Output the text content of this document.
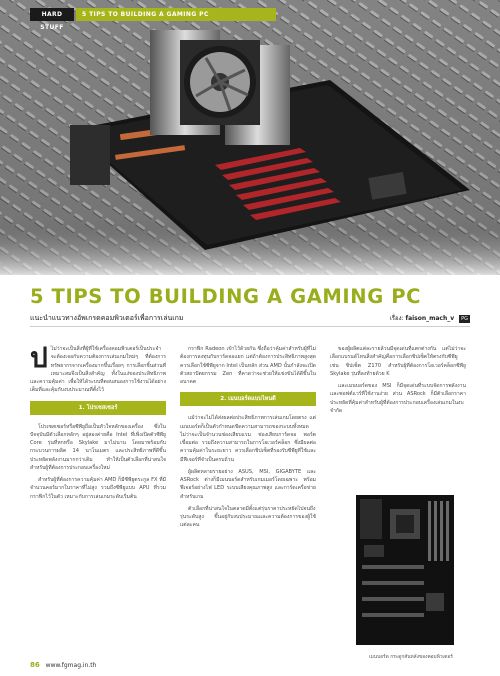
HARD STUFF
5 TIPS TO BUILDING A GAMING PC
5 TIPS TO BUILDING A GAMING PC
แนะนำแนวทางอัพเกรดคอมพิวเตอร์เพื่อการเล่นเกม	เรื่อง: faison_mach_v PG

ปไม่ว่าจะเป็นสิ่งที่ผู้ที่ใช้เครื่องคอมพิวเตอร์เป็นประจำจะต้องเจอกับความต้องการเล่นเกมใหม่ๆ ที่ต้องการทรัพยากรจากเครื่องมากขึ้นเรื่อยๆ การเลือกชิ้นส่วนที่เหมาะสมจึงเป็นสิ่งสำคัญ ทั้งในแง่ของประสิทธิภาพและความคุ้มค่า เพื่อให้ได้ระบบที่ตอบสนองการใช้งานได้อย่างเต็มที่และคุ้มกับงบประมาณที่ตั้งไว้

1. โปรเซสเซอร์

โปรเซสเซอร์หรือซีพียูถือเป็นหัวใจหลักของเครื่อง ซึ่งในปัจจุบันมีตัวเลือกหลักๆ อยู่สองค่ายคือ Intel ที่เพิ่งเปิดตัวซีพียู Core รุ่นที่หกหรือ Skylake มาไม่นาน โดยมาพร้อมกับกระบวนการผลิต 14 นาโนเมตร และประสิทธิภาพที่ดีขึ้น ประหยัดพลังงานมากกว่าเดิม ทำให้เป็นตัวเลือกที่น่าสนใจสำหรับผู้ที่ต้องการประกอบเครื่องใหม่

สำหรับผู้ที่ต้องการความคุ้มค่า AMD ก็มีซีพียูตระกูล FX ที่มีจำนวนคอร์มากในราคาที่ไม่สูง รวมถึงซีพียูแบบ APU ที่รวมกราฟิกไว้ในตัว เหมาะกับการเล่นเกมระดับเริ่มต้น

กราฟิก Radeon เข้าไว้ด้วยกัน ซึ่งถือว่าคุ้มค่าสำหรับผู้ที่ไม่ต้องการลงทุนกับการ์ดจอแยก แต่ถ้าต้องการประสิทธิภาพสูงสุดควรเลือกใช้ซีพียูจาก Intel เป็นหลัก ส่วน AMD นั้นกำลังจะเปิดตัวสถาปัตยกรรม Zen ที่คาดว่าจะช่วยให้แข่งขันได้ดีขึ้นในอนาคต

2. เมนบอร์ดแบบไหนดี

แม้ว่าจะไม่ได้ส่งผลต่อประสิทธิภาพการเล่นเกมโดยตรง แต่เมนบอร์ดก็เป็นตัวกำหนดขีดความสามารถของระบบทั้งหมด ไม่ว่าจะเป็นจำนวนช่องเสียบแรม ช่องเสียบการ์ดจอ พอร์ตเชื่อมต่อ รวมถึงความสามารถในการโอเวอร์คล็อก ซึ่งมีผลต่อความคุ้มค่าในระยะยาว ควรเลือกชิปเซ็ตที่รองรับซีพียูที่ใช้และมีฟีเจอร์ที่จำเป็นครบถ้วน

ผู้ผลิตหลายรายอย่าง ASUS, MSI, GIGABYTE และ ASRock ต่างก็มีเมนบอร์ดสำหรับเกมเมอร์โดยเฉพาะ พร้อมฟีเจอร์อย่างไฟ LED ระบบเสียงคุณภาพสูง และการ์ดเครือข่ายสำหรับเกม

ตัวเลือกที่น่าสนใจในตลาดมีตั้งแต่รุ่นราคาประหยัดไปจนถึงรุ่นระดับสูง ขึ้นอยู่กับงบประมาณและความต้องการของผู้ใช้แต่ละคน

ของผู้ผลิตแต่ละรายล้วนมีจุดเด่นที่แตกต่างกัน แต่ไม่ว่าจะเลือกแบรนด์ไหนสิ่งสำคัญคือการเลือกชิปเซ็ตให้ตรงกับซีพียู เช่น ชิปเซ็ต Z170 สำหรับผู้ที่ต้องการโอเวอร์คล็อกซีพียู Skylake รุ่นที่ลงท้ายด้วย K

และเมนบอร์ดของ MSI ก็มีจุดเด่นที่ระบบจัดการพลังงานและซอฟต์แวร์ที่ใช้งานง่าย ส่วน ASRock ก็มีตัวเลือกราคาประหยัดที่คุ้มค่าสำหรับผู้ที่ต้องการประกอบเครื่องเล่นเกมในงบจำกัด

เมนบอร์ด กระดูกสันหลังของคอมพิวเตอร์
86 www.fgmag.in.th
